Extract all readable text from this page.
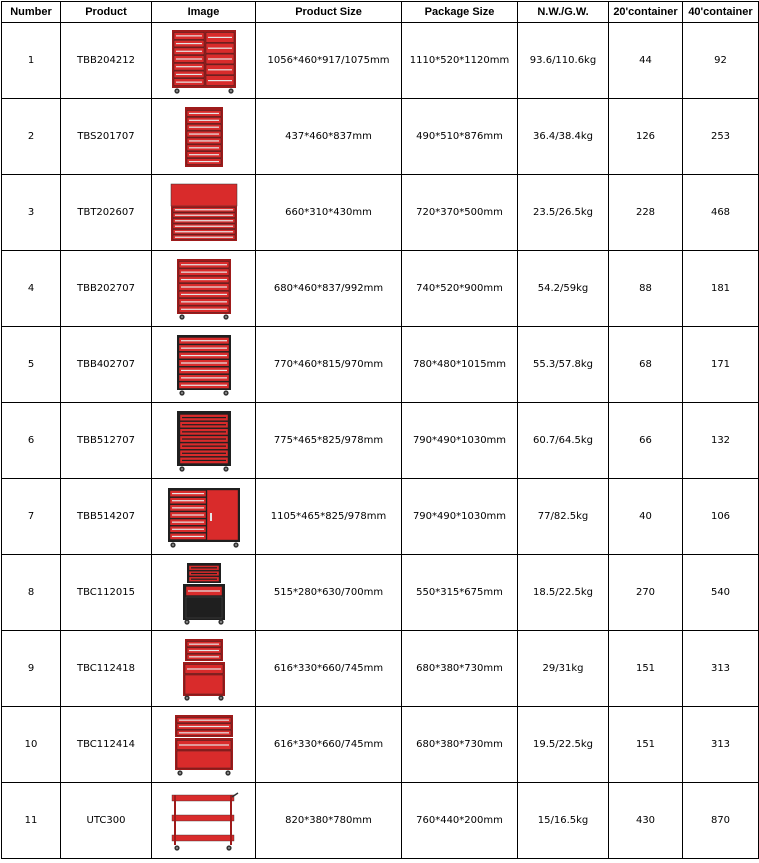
Number	Product	Image	Product Size	Package Size	N.W./G.W.	20'container	40'container
1	TBB204212		1056*460*917/1075mm	1110*520*1120mm	93.6/110.6kg	44	92
2	TBS201707		437*460*837mm	490*510*876mm	36.4/38.4kg	126	253
3	TBT202607		660*310*430mm	720*370*500mm	23.5/26.5kg	228	468
4	TBB202707		680*460*837/992mm	740*520*900mm	54.2/59kg	88	181
5	TBB402707		770*460*815/970mm	780*480*1015mm	55.3/57.8kg	68	171
6	TBB512707		775*465*825/978mm	790*490*1030mm	60.7/64.5kg	66	132
7	TBB514207		1105*465*825/978mm	790*490*1030mm	77/82.5kg	40	106
8	TBC112015		515*280*630/700mm	550*315*675mm	18.5/22.5kg	270	540
9	TBC112418		616*330*660/745mm	680*380*730mm	29/31kg	151	313
10	TBC112414		616*330*660/745mm	680*380*730mm	19.5/22.5kg	151	313
11	UTC300		820*380*780mm	760*440*200mm	15/16.5kg	430	870
